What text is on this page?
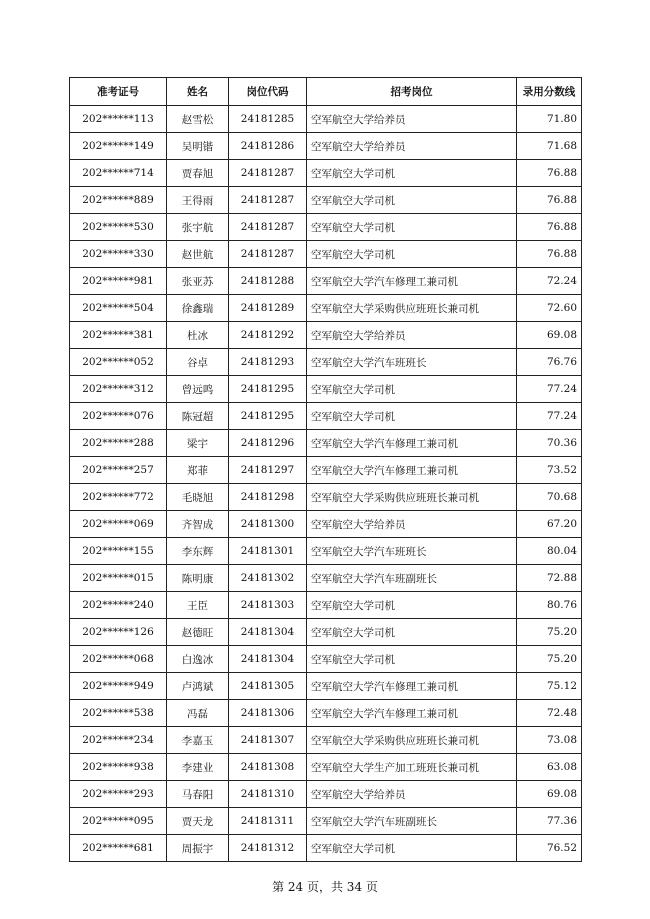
准考证号	姓名	岗位代码	招考岗位	录用分数线
202******113	赵雪松	24181285	空军航空大学给养员	71.80
202******149	吴明锴	24181286	空军航空大学给养员	71.68
202******714	贾春旭	24181287	空军航空大学司机	76.88
202******889	王得雨	24181287	空军航空大学司机	76.88
202******530	张宇航	24181287	空军航空大学司机	76.88
202******330	赵世航	24181287	空军航空大学司机	76.88
202******981	张亚苏	24181288	空军航空大学汽车修理工兼司机	72.24
202******504	徐鑫瑞	24181289	空军航空大学采购供应班班长兼司机	72.60
202******381	杜冰	24181292	空军航空大学给养员	69.08
202******052	谷卓	24181293	空军航空大学汽车班班长	76.76
202******312	曾远鸣	24181295	空军航空大学司机	77.24
202******076	陈冠超	24181295	空军航空大学司机	77.24
202******288	梁宇	24181296	空军航空大学汽车修理工兼司机	70.36
202******257	郑菲	24181297	空军航空大学汽车修理工兼司机	73.52
202******772	毛晓旭	24181298	空军航空大学采购供应班班长兼司机	70.68
202******069	齐智成	24181300	空军航空大学给养员	67.20
202******155	李东辉	24181301	空军航空大学汽车班班长	80.04
202******015	陈明康	24181302	空军航空大学汽车班副班长	72.88
202******240	王臣	24181303	空军航空大学司机	80.76
202******126	赵德旺	24181304	空军航空大学司机	75.20
202******068	白逸冰	24181304	空军航空大学司机	75.20
202******949	卢鸿斌	24181305	空军航空大学汽车修理工兼司机	75.12
202******538	冯磊	24181306	空军航空大学汽车修理工兼司机	72.48
202******234	李嘉玉	24181307	空军航空大学采购供应班班长兼司机	73.08
202******938	李建业	24181308	空军航空大学生产加工班班长兼司机	63.08
202******293	马春阳	24181310	空军航空大学给养员	69.08
202******095	贾天龙	24181311	空军航空大学汽车班副班长	77.36
202******681	周振宇	24181312	空军航空大学司机	76.52
第 24 页，共 34 页
